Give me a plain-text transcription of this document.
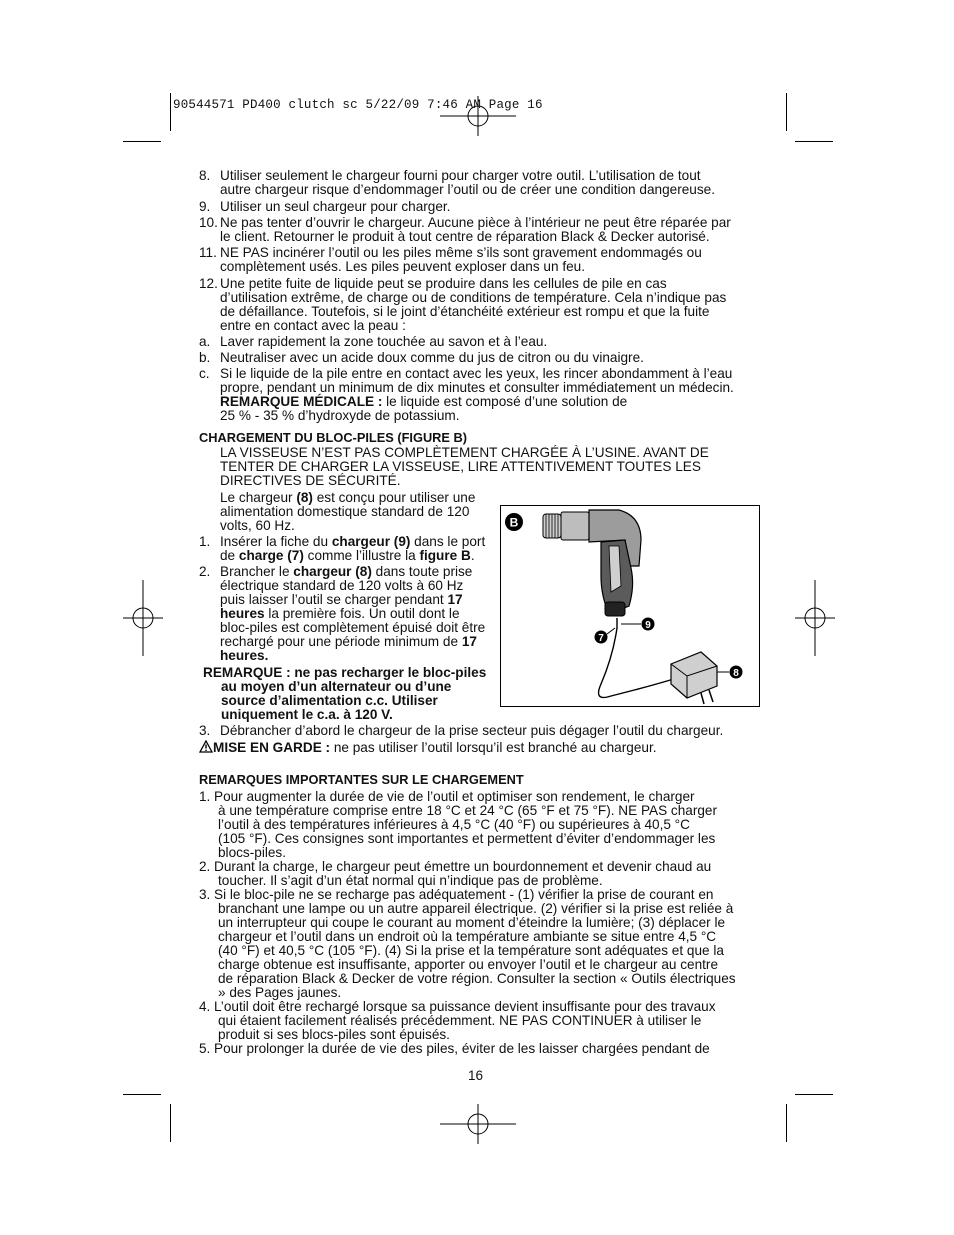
90544571 PD400 clutch sc 5/22/09 7:46 AM Page 16
8. Utiliser seulement le chargeur fourni pour charger votre outil. L’utilisation de tout

autre chargeur risque d’endommager l’outil ou de créer une condition dangereuse.

9. Utiliser un seul chargeur pour charger.

10. Ne pas tenter d’ouvrir le chargeur. Aucune pièce à l’intérieur ne peut être réparée par

le client. Retourner le produit à tout centre de réparation Black & Decker autorisé.

11. NE PAS incinérer l’outil ou les piles même s’ils sont gravement endommagés ou

complètement usés. Les piles peuvent exploser dans un feu.

12. Une petite fuite de liquide peut se produire dans les cellules de pile en cas

d’utilisation extrême, de charge ou de conditions de température. Cela n’indique pas

de défaillance. Toutefois, si le joint d’étanchéité extérieur est rompu et que la fuite

entre en contact avec la peau :

a. Laver rapidement la zone touchée au savon et à l’eau.

b. Neutraliser avec un acide doux comme du jus de citron ou du vinaigre.

c. Si le liquide de la pile entre en contact avec les yeux, les rincer abondamment à l’eau

propre, pendant un minimum de dix minutes et consulter immédiatement un médecin.

REMARQUE MÉDICALE : le liquide est composé d’une solution de

25 % - 35 % d’hydroxyde de potassium.

CHARGEMENT DU BLOC-PILES (FIGURE B)

LA VISSEUSE N’EST PAS COMPLÈTEMENT CHARGÉE À L’USINE. AVANT DE

TENTER DE CHARGER LA VISSEUSE, LIRE ATTENTIVEMENT TOUTES LES

DIRECTIVES DE SÉCURITÉ.

Le chargeur (8) est conçu pour utiliser une

alimentation domestique standard de 120

volts, 60 Hz.

1. Insérer la fiche du chargeur (9) dans le port

de charge (7) comme l’illustre la figure B.

2. Brancher le chargeur (8) dans toute prise

électrique standard de 120 volts à 60 Hz

puis laisser l’outil se charger pendant 17

heures la première fois. Un outil dont le

bloc-piles est complètement épuisé doit être

rechargé pour une période minimum de 17

heures.

REMARQUE : ne pas recharger le bloc-piles

au moyen d’un alternateur ou d’une

source d’alimentation c.c. Utiliser

uniquement le c.a. à 120 V.

3. Débrancher d’abord le chargeur de la prise secteur puis dégager l’outil du chargeur.
MISE EN GARDE : ne pas utiliser l’outil lorsqu’il est branché au chargeur.
B
9
7
8
REMARQUES IMPORTANTES SUR LE CHARGEMENT
1. Pour augmenter la durée de vie de l’outil et optimiser son rendement, le charger

à une température comprise entre 18 °C et 24 °C (65 °F et 75 °F). NE PAS charger

l’outil à des températures inférieures à 4,5 °C (40 °F) ou supérieures à 40,5 °C

(105 °F). Ces consignes sont importantes et permettent d’éviter d’endommager les

blocs-piles.

2. Durant la charge, le chargeur peut émettre un bourdonnement et devenir chaud au

toucher. Il s’agit d’un état normal qui n’indique pas de problème.

3. Si le bloc-pile ne se recharge pas adéquatement - (1) vérifier la prise de courant en

branchant une lampe ou un autre appareil électrique. (2) vérifier si la prise est reliée à

un interrupteur qui coupe le courant au moment d’éteindre la lumière; (3) déplacer le

chargeur et l’outil dans un endroit où la température ambiante se situe entre 4,5 °C

(40 °F) et 40,5 °C (105 °F). (4) Si la prise et la température sont adéquates et que la

charge obtenue est insuffisante, apporter ou envoyer l’outil et le chargeur au centre

de réparation Black & Decker de votre région. Consulter la section « Outils électriques

» des Pages jaunes.

4. L’outil doit être rechargé lorsque sa puissance devient insuffisante pour des travaux

qui étaient facilement réalisés précédemment. NE PAS CONTINUER à utiliser le

produit si ses blocs-piles sont épuisés.

5. Pour prolonger la durée de vie des piles, éviter de les laisser chargées pendant de

16
